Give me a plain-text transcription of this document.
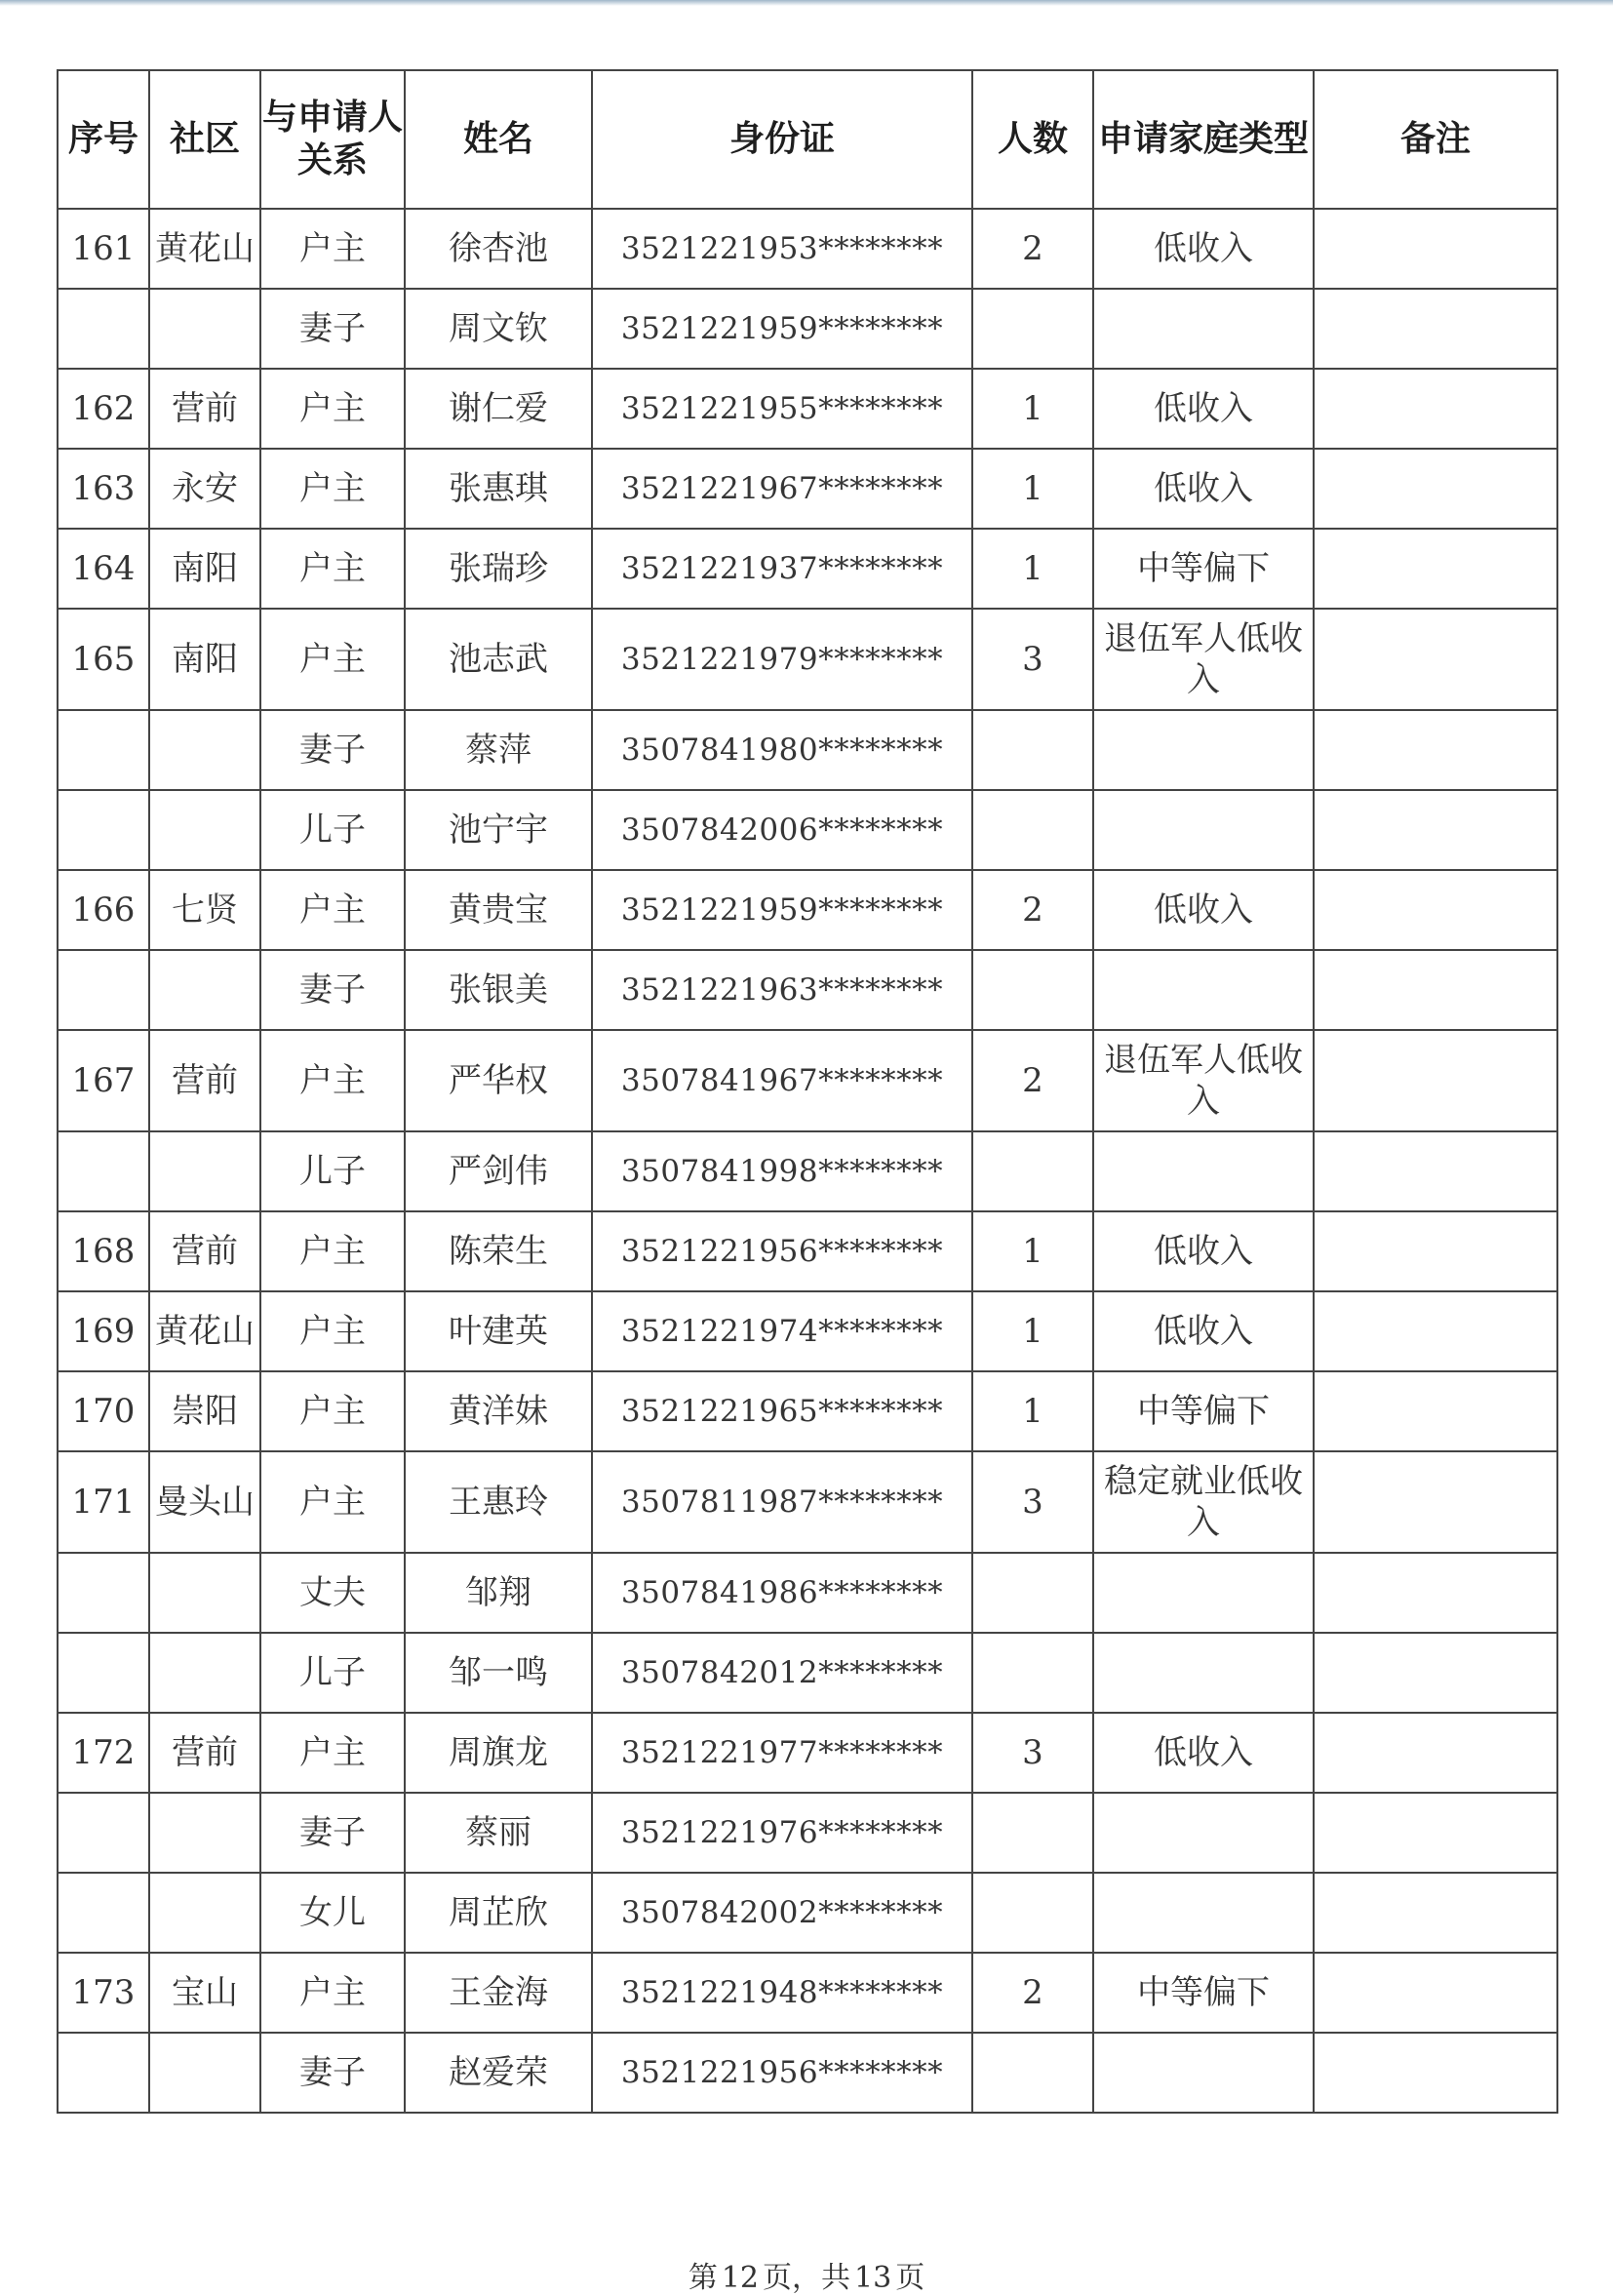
序号	社区	与申请人关系	姓名	身份证	人数	申请家庭类型	备注
161	黄花山	户主	徐杏池	3521221953********	2	低收入	
		妻子	周文钦	3521221959********			
162	营前	户主	谢仁爱	3521221955********	1	低收入	
163	永安	户主	张惠琪	3521221967********	1	低收入	
164	南阳	户主	张瑞珍	3521221937********	1	中等偏下	
165	南阳	户主	池志武	3521221979********	3	退伍军人低收入	
		妻子	蔡萍	3507841980********			
		儿子	池宁宇	3507842006********			
166	七贤	户主	黄贵宝	3521221959********	2	低收入	
		妻子	张银美	3521221963********			
167	营前	户主	严华权	3507841967********	2	退伍军人低收入	
		儿子	严剑伟	3507841998********			
168	营前	户主	陈荣生	3521221956********	1	低收入	
169	黄花山	户主	叶建英	3521221974********	1	低收入	
170	崇阳	户主	黄洋妹	3521221965********	1	中等偏下	
171	曼头山	户主	王惠玲	3507811987********	3	稳定就业低收入	
		丈夫	邹翔	3507841986********			
		儿子	邹一鸣	3507842012********			
172	营前	户主	周旗龙	3521221977********	3	低收入	
		妻子	蔡丽	3521221976********			
		女儿	周芷欣	3507842002********			
173	宝山	户主	王金海	3521221948********	2	中等偏下	
		妻子	赵爱荣	3521221956********			
第 12 页，共 13 页
